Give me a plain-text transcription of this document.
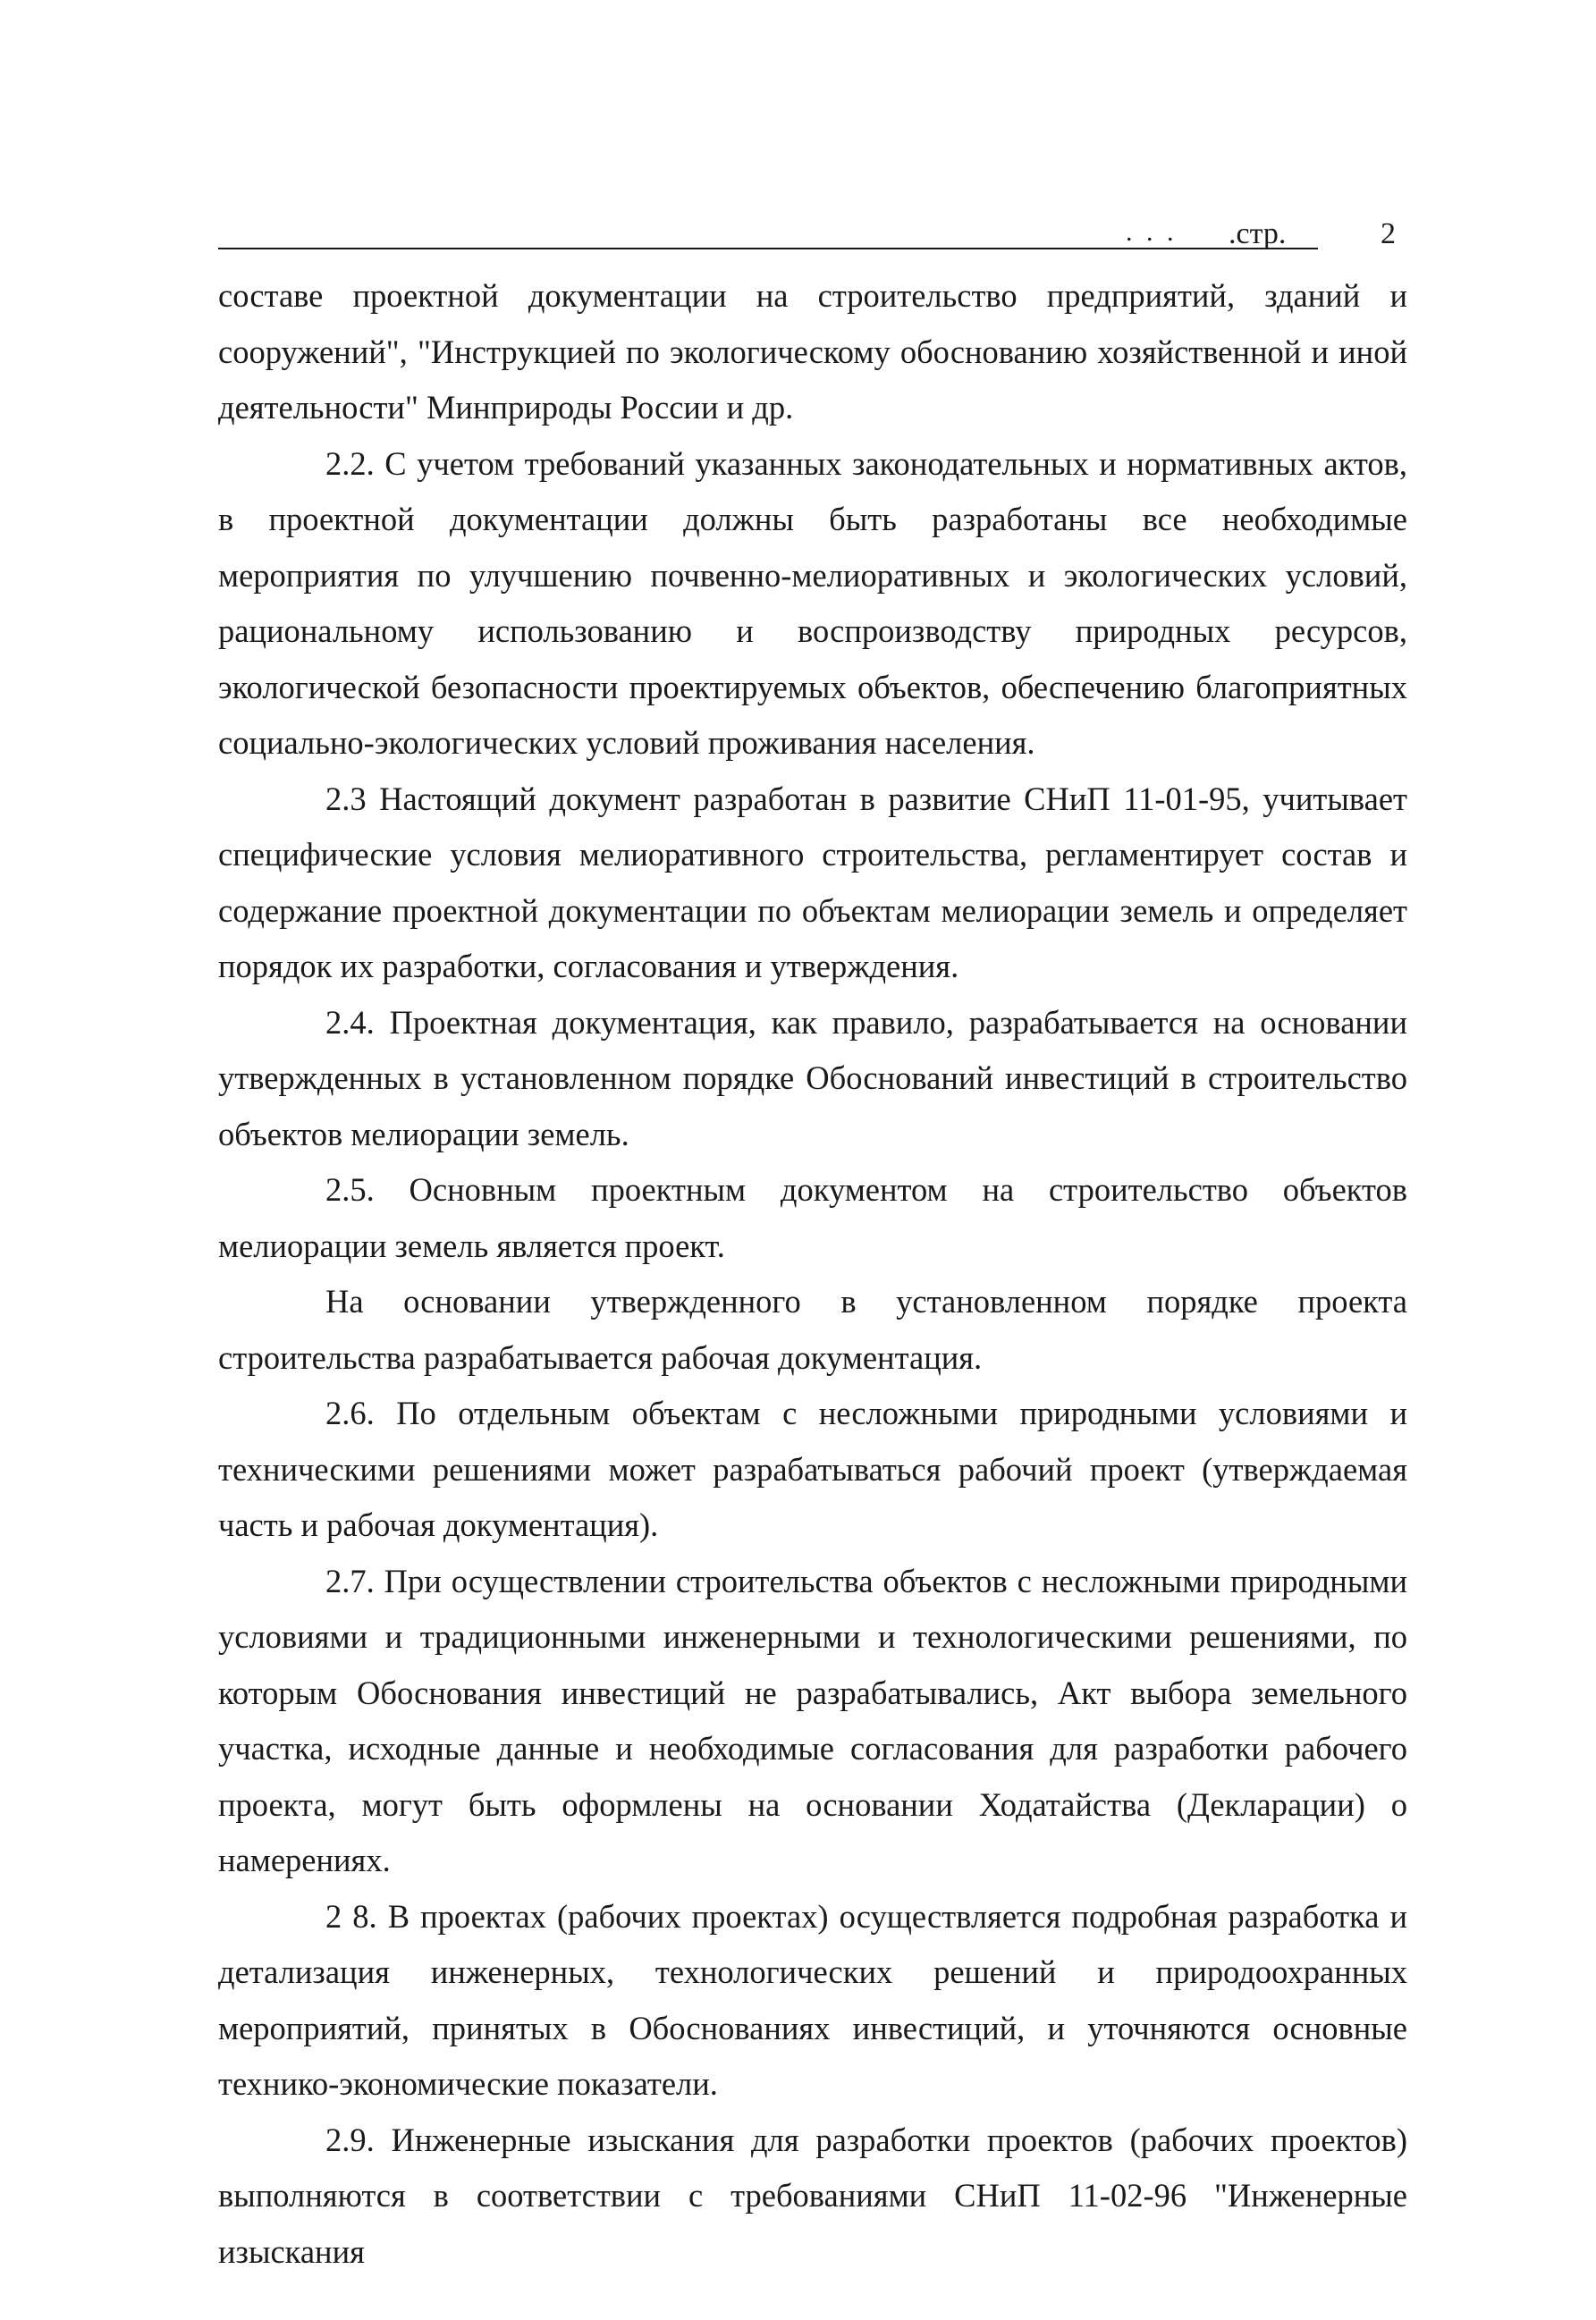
. . . .стр.	2

составе проектной документации на строительство предприятий, зданий и сооружений", "Инструкцией по экологическому обоснованию хозяйственной и иной деятельности" Минприроды России и др.

2.2. С учетом требований указанных законодательных и нормативных актов, в проектной документации должны быть разработаны все необходимые мероприятия по улучшению почвенно-мелиоративных и экологических условий, рациональному использованию и воспроизводству природных ресурсов, экологической безопасности проектируемых объектов, обеспечению благоприятных социально-экологических условий проживания населения.

2.3 Настоящий документ разработан в развитие СНиП 11-01-95, учитывает специфические условия мелиоративного строительства, регламентирует состав и содержание проектной документации по объектам мелиорации земель и определяет порядок их разработки, согласования и утверждения.

2.4. Проектная документация, как правило, разрабатывается на основании утвержденных в установленном порядке Обоснований инвестиций в строительство объектов мелиорации земель.

2.5. Основным проектным документом на строительство объектов мелиорации земель является проект.

На основании утвержденного в установленном порядке проекта строительства разрабатывается рабочая документация.

2.6. По отдельным объектам с несложными природными условиями и техническими решениями может разрабатываться рабочий проект (утверждаемая часть и рабочая документация).

2.7. При осуществлении строительства объектов с несложными природными условиями и традиционными инженерными и технологическими решениями, по которым Обоснования инвестиций не разрабатывались, Акт выбора земельного участка, исходные данные и необходимые согласования для разработки рабочего проекта, могут быть оформлены на основании Ходатайства (Декларации) о намерениях.

2 8. В проектах (рабочих проектах) осуществляется подробная разработка и детализация инженерных, технологических решений и природоохранных мероприятий, принятых в Обоснованиях инвестиций, и уточняются основные технико-экономические показатели.

2.9. Инженерные изыскания для разработки проектов (рабочих проектов) выполняются в соответствии с требованиями СНиП 11-02-96 "Инженерные изыскания
